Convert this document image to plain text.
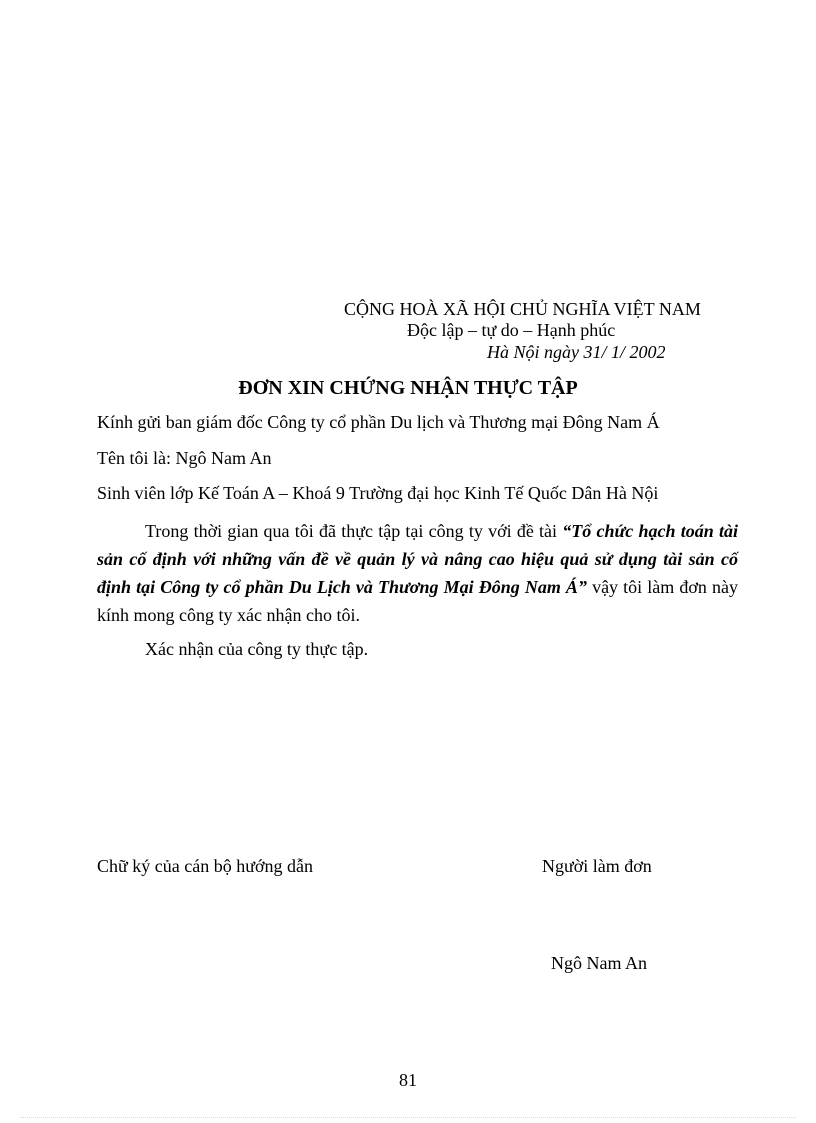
CỘNG HOÀ XÃ HỘI CHỦ NGHĨA VIỆT NAM
Độc lập – tự do – Hạnh phúc
Hà Nội ngày 31/ 1/ 2002
ĐƠN XIN CHỨNG NHẬN THỰC TẬP
Kính gửi ban giám đốc Công ty cổ phần Du lịch và Thương mại Đông Nam Á
Tên tôi là: Ngô Nam An
Sinh viên lớp Kế Toán A – Khoá 9 Trường đại học Kinh Tế Quốc Dân Hà Nội

Trong thời gian qua tôi đã thực tập tại công ty với đề tài “Tổ chức hạch toán tài sản cố định với những vấn đề về quản lý và nâng cao hiệu quả sử dụng tài sản cố định tại Công ty cổ phần Du Lịch và Thương Mại Đông Nam Á” vậy tôi làm đơn này kính mong công ty xác nhận cho tôi.

Xác nhận của công ty thực tập.
Chữ ký của cán bộ hướng dẫn	Người làm đơn
Ngô Nam An
81
